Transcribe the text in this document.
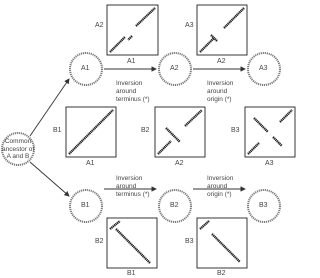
Common
ancestor of
A and B
A1	A2	A3
B1	B2	B3
Inversion
around
terminus (*)
Inversion
around
origin (*)
Inversion
around
terminus (*)
Inversion
around
origin (*)
A2
A1
A3
A2
B1
A1
B2
A2
B3
A3
B2
B1
B3
B2
